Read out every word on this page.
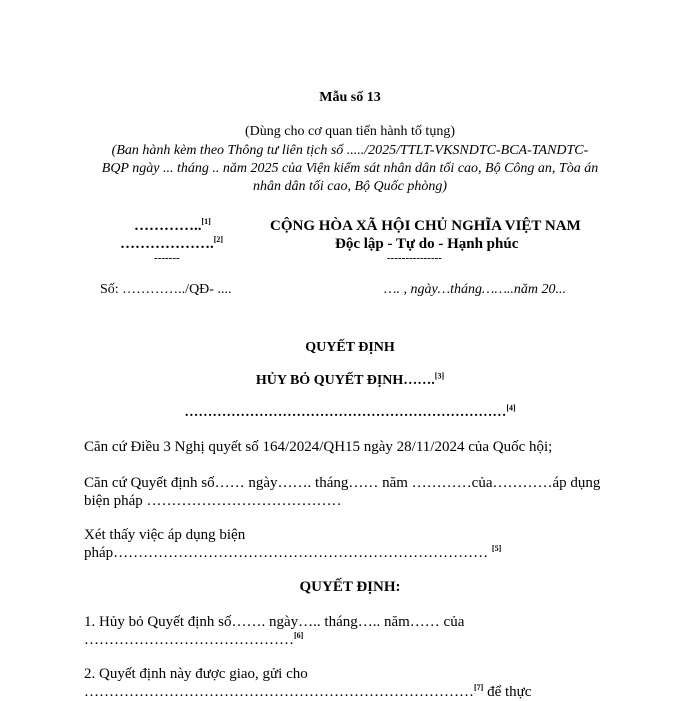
Mẫu số 13
(Dùng cho cơ quan tiến hành tố tụng)
(Ban hành kèm theo Thông tư liên tịch số ...../2025/TTLT-VKSNDTC-BCA-TANDTC-
BQP ngày ... tháng .. năm 2025 của Viện kiểm sát nhân dân tối cao, Bộ Công an, Tòa án
nhân dân tối cao, Bộ Quốc phòng)
…………..[1]
……………….[2]
-------
CỘNG HÒA XÃ HỘI CHỦ NGHĨA VIỆT NAM
Độc lập - Tự do - Hạnh phúc
---------------
Số: …………../QĐ- ....	…. , ngày…tháng……..năm 20...
QUYẾT ĐỊNH
HỦY BỎ QUYẾT ĐỊNH…….[3]
……………………………………………………………[4]
Căn cứ Điều 3 Nghị quyết số 164/2024/QH15 ngày 28/11/2024 của Quốc hội;
Căn cứ Quyết định số…… ngày……. tháng…… năm …………của…………áp dụng
biện pháp …………………………………
Xét thấy việc áp dụng biện
pháp………………………………………………………………… [5]
QUYẾT ĐỊNH:
1. Hủy bỏ Quyết định số……. ngày….. tháng….. năm…… của
……………………………………[6]
2. Quyết định này được giao, gửi cho
……………………………………………………………………[7] để thực
